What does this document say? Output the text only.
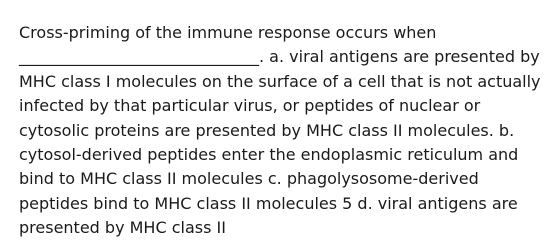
Cross-priming of the immune response occurs when
______________________________. a. viral antigens are presented by
MHC class I molecules on the surface of a cell that is not actually
infected by that particular virus, or peptides of nuclear or
cytosolic proteins are presented by MHC class II molecules. b.
cytosol-derived peptides enter the endoplasmic reticulum and
bind to MHC class II molecules c. phagolysosome-derived
peptides bind to MHC class II molecules 5 d. viral antigens are
presented by MHC class II
